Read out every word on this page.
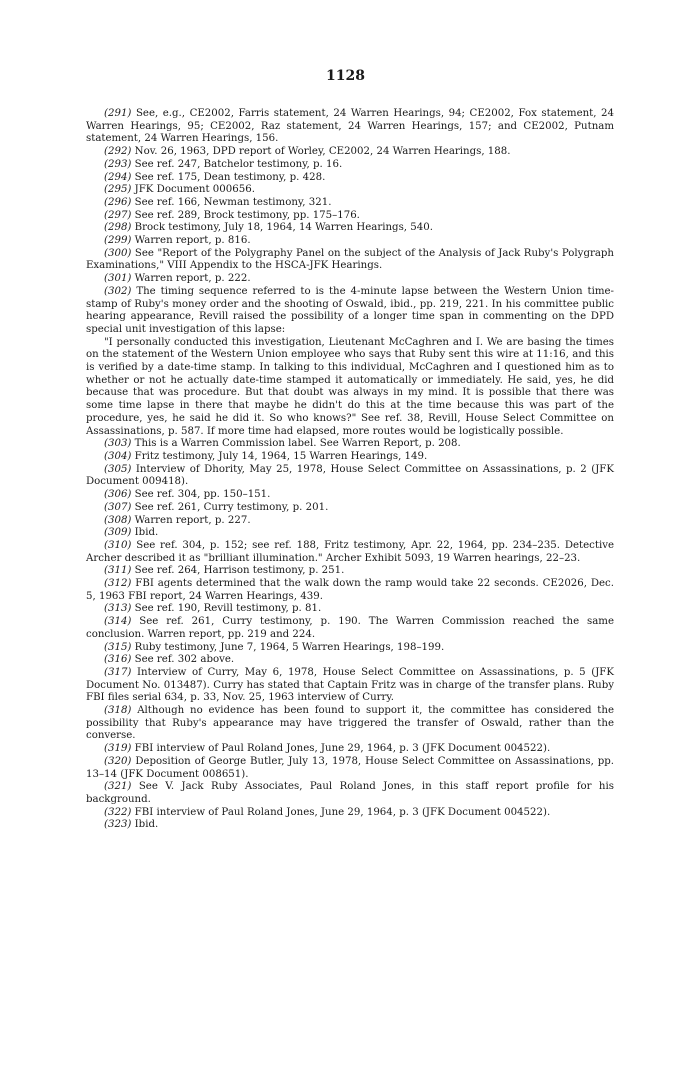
1128

(291) See, e.g., CE2002, Farris statement, 24 Warren Hearings, 94; CE2002, Fox statement, 24 Warren Hearings, 95; CE2002, Raz statement, 24 Warren Hearings, 157; and CE2002, Putnam statement, 24 Warren Hearings, 156.

(292) Nov. 26, 1963, DPD report of Worley, CE2002, 24 Warren Hearings, 188.

(293) See ref. 247, Batchelor testimony, p. 16.

(294) See ref. 175, Dean testimony, p. 428.

(295) JFK Document 000656.

(296) See ref. 166, Newman testimony, 321.

(297) See ref. 289, Brock testimony, pp. 175–176.

(298) Brock testimony, July 18, 1964, 14 Warren Hearings, 540.

(299) Warren report, p. 816.

(300) See "Report of the Polygraphy Panel on the subject of the Analysis of Jack Ruby's Polygraph Examinations," VIII Appendix to the HSCA-JFK Hearings.

(301) Warren report, p. 222.

(302) The timing sequence referred to is the 4-minute lapse between the Western Union time-stamp of Ruby's money order and the shooting of Oswald, ibid., pp. 219, 221. In his committee public hearing appearance, Revill raised the possibility of a longer time span in commenting on the DPD special unit investigation of this lapse:

"I personally conducted this investigation, Lieutenant McCaghren and I. We are basing the times on the statement of the Western Union employee who says that Ruby sent this wire at 11:16, and this is verified by a date-time stamp. In talking to this individual, McCaghren and I questioned him as to whether or not he actually date-time stamped it automatically or immediately. He said, yes, he did because that was procedure. But that doubt was always in my mind. It is possible that there was some time lapse in there that maybe he didn't do this at the time because this was part of the procedure, yes, he said he did it. So who knows?" See ref. 38, Revill, House Select Committee on Assassinations, p. 587. If more time had elapsed, more routes would be logistically possible.

(303) This is a Warren Commission label. See Warren Report, p. 208.

(304) Fritz testimony, July 14, 1964, 15 Warren Hearings, 149.

(305) Interview of Dhority, May 25, 1978, House Select Committee on Assassinations, p. 2 (JFK Document 009418).

(306) See ref. 304, pp. 150–151.

(307) See ref. 261, Curry testimony, p. 201.

(308) Warren report, p. 227.

(309) Ibid.

(310) See ref. 304, p. 152; see ref. 188, Fritz testimony, Apr. 22, 1964, pp. 234–235. Detective Archer described it as "brilliant illumination." Archer Exhibit 5093, 19 Warren hearings, 22–23.

(311) See ref. 264, Harrison testimony, p. 251.

(312) FBI agents determined that the walk down the ramp would take 22 seconds. CE2026, Dec. 5, 1963 FBI report, 24 Warren Hearings, 439.

(313) See ref. 190, Revill testimony, p. 81.

(314) See ref. 261, Curry testimony, p. 190. The Warren Commission reached the same conclusion. Warren report, pp. 219 and 224.

(315) Ruby testimony, June 7, 1964, 5 Warren Hearings, 198–199.

(316) See ref. 302 above.

(317) Interview of Curry, May 6, 1978, House Select Committee on Assassinations, p. 5 (JFK Document No. 013487). Curry has stated that Captain Fritz was in charge of the transfer plans. Ruby FBI files serial 634, p. 33, Nov. 25, 1963 interview of Curry.

(318) Although no evidence has been found to support it, the committee has considered the possibility that Ruby's appearance may have triggered the transfer of Oswald, rather than the converse.

(319) FBI interview of Paul Roland Jones, June 29, 1964, p. 3 (JFK Document 004522).

(320) Deposition of George Butler, July 13, 1978, House Select Committee on Assassinations, pp. 13–14 (JFK Document 008651).

(321) See V. Jack Ruby Associates, Paul Roland Jones, in this staff report profile for his background.

(322) FBI interview of Paul Roland Jones, June 29, 1964, p. 3 (JFK Document 004522).

(323) Ibid.
